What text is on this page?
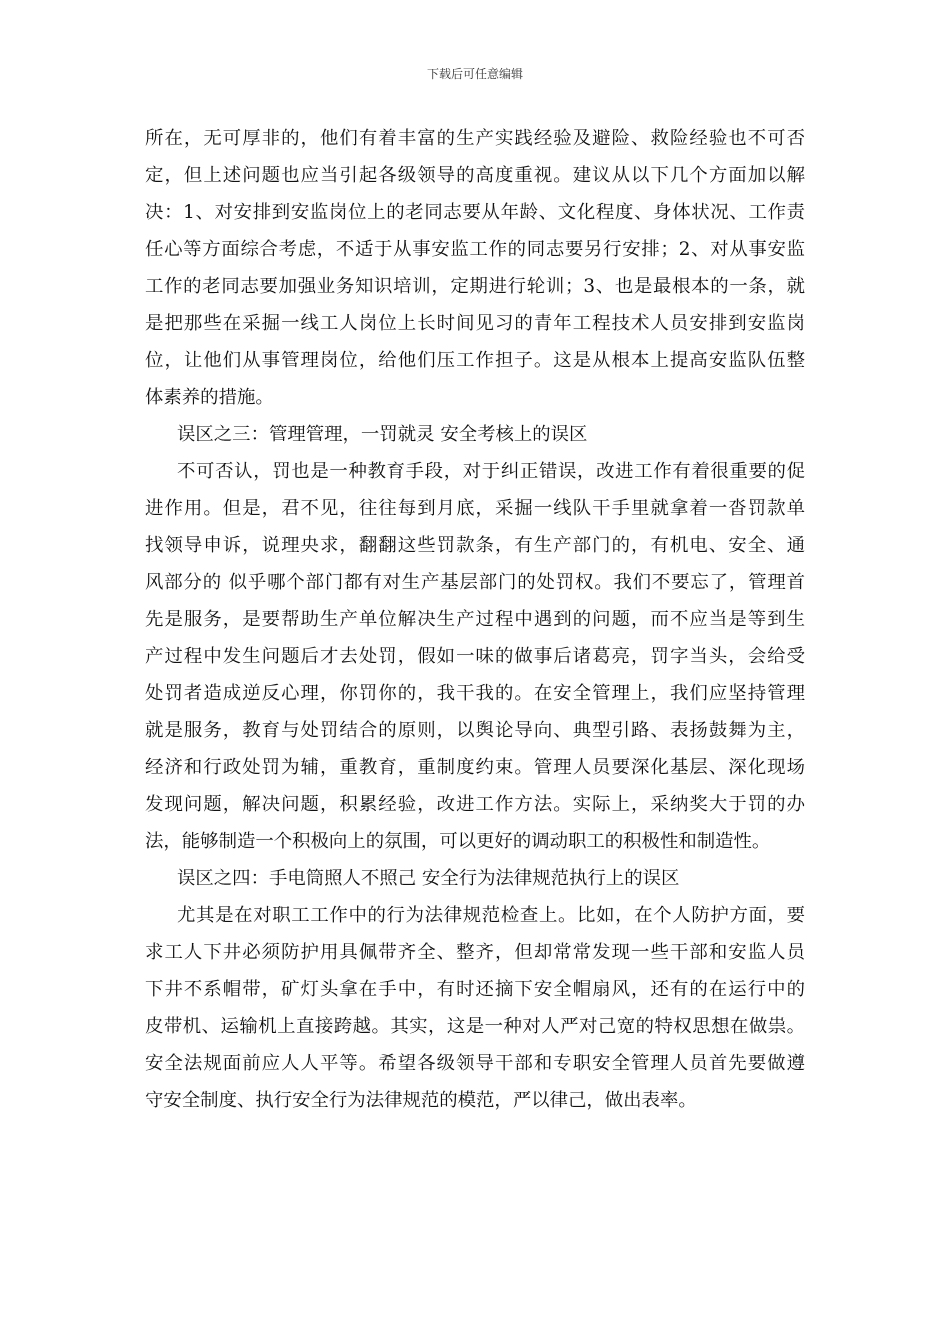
下载后可任意编辑
所在，无可厚非的，他们有着丰富的生产实践经验及避险、救险经验也不可否
定，但上述问题也应当引起各级领导的高度重视。建议从以下几个方面加以解
决：1、对安排到安监岗位上的老同志要从年龄、文化程度、身体状况、工作责
任心等方面综合考虑，不适于从事安监工作的同志要另行安排；2、对从事安监
工作的老同志要加强业务知识培训，定期进行轮训；3、也是最根本的一条，就
是把那些在采掘一线工人岗位上长时间见习的青年工程技术人员安排到安监岗
位，让他们从事管理岗位，给他们压工作担子。这是从根本上提高安监队伍整
体素养的措施。
误区之三：管理管理，一罚就灵 安全考核上的误区
不可否认，罚也是一种教育手段，对于纠正错误，改进工作有着很重要的促
进作用。但是，君不见，往往每到月底，采掘一线队干手里就拿着一沓罚款单
找领导申诉，说理央求，翻翻这些罚款条，有生产部门的，有机电、安全、通
风部分的 似乎哪个部门都有对生产基层部门的处罚权。我们不要忘了，管理首
先是服务，是要帮助生产单位解决生产过程中遇到的问题，而不应当是等到生
产过程中发生问题后才去处罚，假如一味的做事后诸葛亮，罚字当头，会给受
处罚者造成逆反心理，你罚你的，我干我的。在安全管理上，我们应坚持管理
就是服务，教育与处罚结合的原则，以舆论导向、典型引路、表扬鼓舞为主，
经济和行政处罚为辅，重教育，重制度约束。管理人员要深化基层、深化现场
发现问题，解决问题，积累经验，改进工作方法。实际上，采纳奖大于罚的办
法，能够制造一个积极向上的氛围，可以更好的调动职工的积极性和制造性。
误区之四：手电筒照人不照己 安全行为法律规范执行上的误区
尤其是在对职工工作中的行为法律规范检查上。比如，在个人防护方面，要
求工人下井必须防护用具佩带齐全、整齐，但却常常发现一些干部和安监人员
下井不系帽带，矿灯头拿在手中，有时还摘下安全帽扇风，还有的在运行中的
皮带机、运输机上直接跨越。其实，这是一种对人严对己宽的特权思想在做祟。
安全法规面前应人人平等。希望各级领导干部和专职安全管理人员首先要做遵
守安全制度、执行安全行为法律规范的模范，严以律己，做出表率。
